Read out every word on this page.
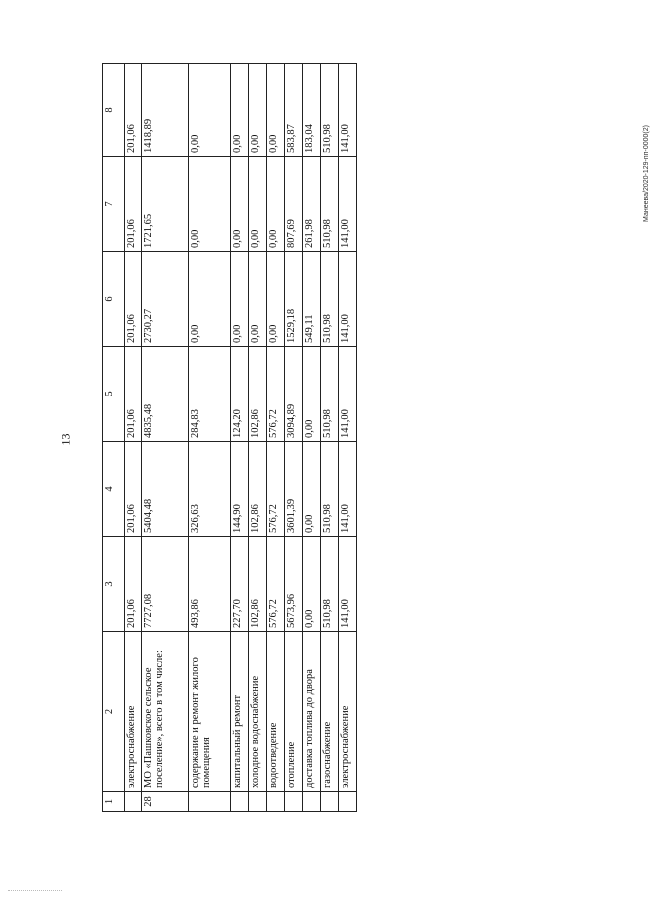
13
Манеева/2020-129-пп-0000(2)
1	2	3	4	5	6	7	8
	электроснабжение	201,06	201,06	201,06	201,06	201,06	201,06
28	МО «Пашковское сельское поселение», всего в том числе:	7727,08	5404,48	4835,48	2730,27	1721,65	1418,89
	содержание и ремонт жилого помещения	493,86	326,63	284,83	0,00	0,00	0,00
	капитальный ремонт	227,70	144,90	124,20	0,00	0,00	0,00
	холодное водоснабжение	102,86	102,86	102,86	0,00	0,00	0,00
	водоотведение	576,72	576,72	576,72	0,00	0,00	0,00
	отопление	5673,96	3601,39	3094,89	1529,18	807,69	583,87
	доставка топлива до двора	0,00	0,00	0,00	549,11	261,98	183,04
	газоснабжение	510,98	510,98	510,98	510,98	510,98	510,98
	электроснабжение	141,00	141,00	141,00	141,00	141,00	141,00
